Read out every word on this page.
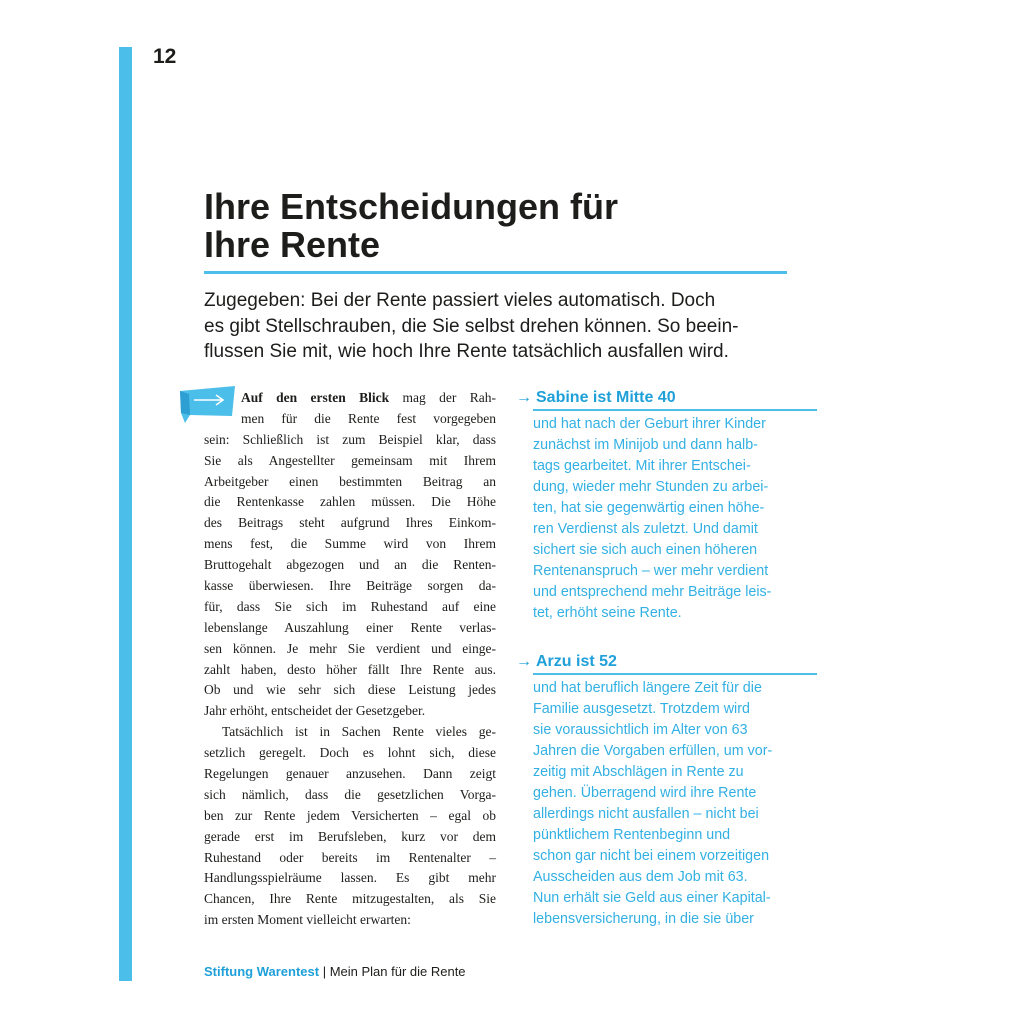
12
Ihre Entscheidungen für
Ihre Rente

Zugegeben: Bei der Rente passiert vieles automatisch. Doch
es gibt Stellschrauben, die Sie selbst drehen können. So beein-
flussen Sie mit, wie hoch Ihre Rente tatsächlich ausfallen wird.

Auf den ersten Blick mag der Rah-
men für die Rente fest vorgegeben
sein: Schließlich ist zum Beispiel klar, dass
Sie als Angestellter gemeinsam mit Ihrem
Arbeitgeber einen bestimmten Beitrag an
die Rentenkasse zahlen müssen. Die Höhe
des Beitrags steht aufgrund Ihres Einkom-
mens fest, die Summe wird von Ihrem
Bruttogehalt abgezogen und an die Renten-
kasse überwiesen. Ihre Beiträge sorgen da-
für, dass Sie sich im Ruhestand auf eine
lebenslange Auszahlung einer Rente verlas-
sen können. Je mehr Sie verdient und einge-
zahlt haben, desto höher fällt Ihre Rente aus.
Ob und wie sehr sich diese Leistung jedes
Jahr erhöht, entscheidet der Gesetzgeber.
Tatsächlich ist in Sachen Rente vieles ge-
setzlich geregelt. Doch es lohnt sich, diese
Regelungen genauer anzusehen. Dann zeigt
sich nämlich, dass die gesetzlichen Vorga-
ben zur Rente jedem Versicherten – egal ob
gerade erst im Berufsleben, kurz vor dem
Ruhestand oder bereits im Rentenalter –
Handlungsspielräume lassen. Es gibt mehr
Chancen, Ihre Rente mitzugestalten, als Sie
im ersten Moment vielleicht erwarten:
→ Sabine ist Mitte 40
und hat nach der Geburt ihrer Kinder
zunächst im Minijob und dann halb-
tags gearbeitet. Mit ihrer Entschei-
dung, wieder mehr Stunden zu arbei-
ten, hat sie gegenwärtig einen höhe-
ren Verdienst als zuletzt. Und damit
sichert sie sich auch einen höheren
Rentenanspruch – wer mehr verdient
und entsprechend mehr Beiträge leis-
tet, erhöht seine Rente.
→ Arzu ist 52
und hat beruflich längere Zeit für die
Familie ausgesetzt. Trotzdem wird
sie voraussichtlich im Alter von 63
Jahren die Vorgaben erfüllen, um vor-
zeitig mit Abschlägen in Rente zu
gehen. Überragend wird ihre Rente
allerdings nicht ausfallen – nicht bei
pünktlichem Rentenbeginn und
schon gar nicht bei einem vorzeitigen
Ausscheiden aus dem Job mit 63.
Nun erhält sie Geld aus einer Kapital-
lebensversicherung, in die sie über
Stiftung Warentest | Mein Plan für die Rente
